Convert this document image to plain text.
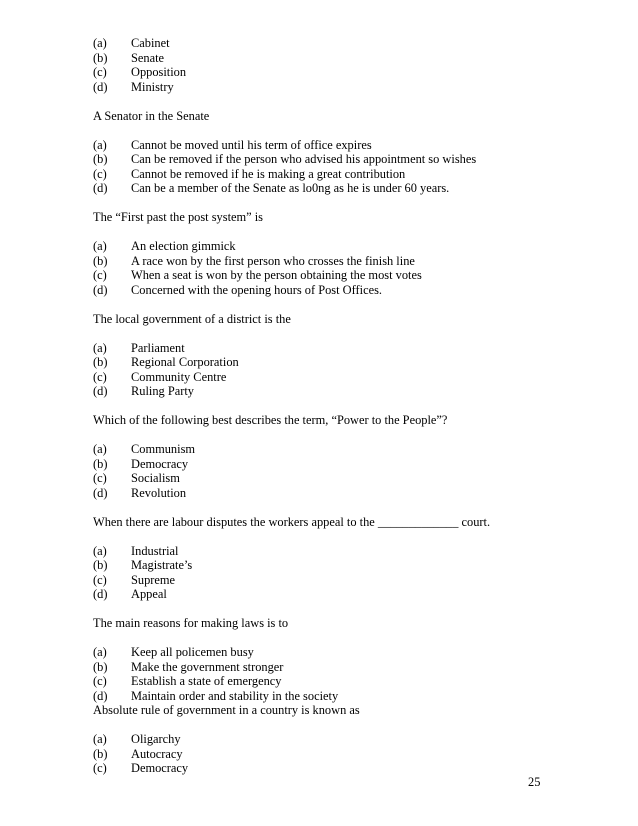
(a)	Cabinet
(b)	Senate
(c)	Opposition
(d)	Ministry
A Senator in the Senate
(a)	Cannot be moved until his term of office expires
(b)	Can be removed if the person who advised his appointment so wishes
(c)	Cannot be removed if he is making a great contribution
(d)	Can be a member of the Senate as lo0ng as he is under 60 years.
The “First past the post system” is
(a)	An election gimmick
(b)	A race won by the first person who crosses the finish line
(c)	When a seat is won by the person obtaining the most votes
(d)	Concerned with the opening hours of Post Offices.
The local government of a district is the
(a)	Parliament
(b)	Regional Corporation
(c)	Community Centre
(d)	Ruling Party
Which of the following best describes the term, “Power to the People”?
(a)	Communism
(b)	Democracy
(c)	Socialism
(d)	Revolution
When there are labour disputes the workers appeal to the _____________ court.
(a)	Industrial
(b)	Magistrate’s
(c)	Supreme
(d)	Appeal
The main reasons for making laws is to
(a)	Keep all policemen busy
(b)	Make the government stronger
(c)	Establish a state of emergency
(d)	Maintain order and stability in the society
Absolute rule of government in a country is known as
(a)	Oligarchy
(b)	Autocracy
(c)	Democracy
25
